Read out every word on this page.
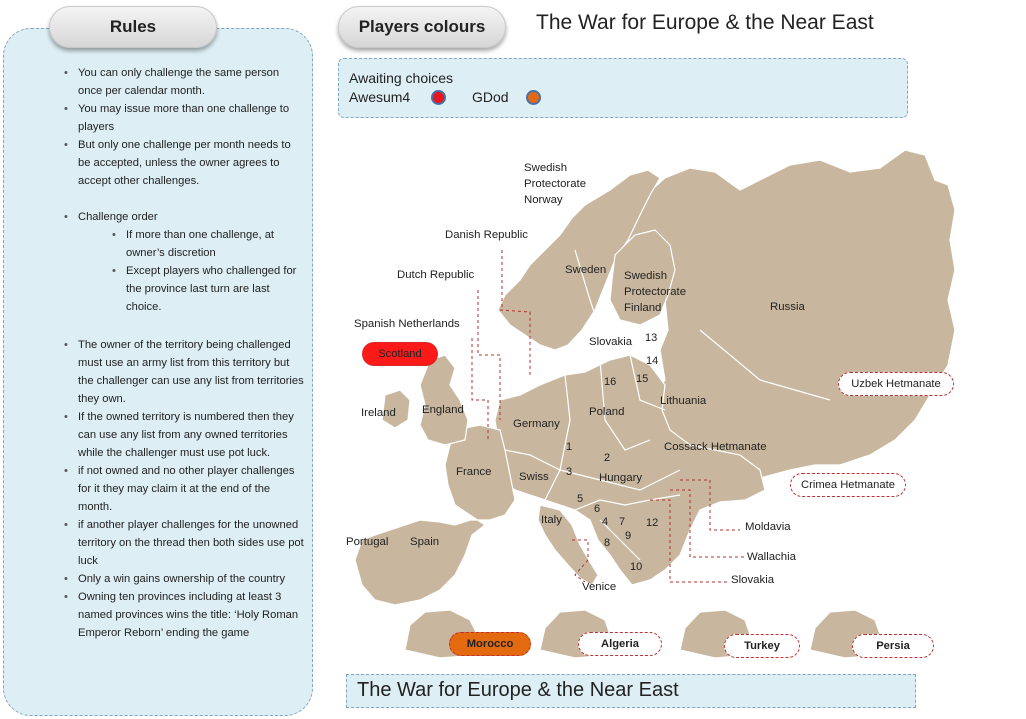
Rules
• You can only challenge the same person once per calendar month.
• You may issue more than one challenge to players
• But only one challenge per month needs to be accepted, unless the owner agrees to accept other challenges.
• Challenge order
• If more than one challenge, at owner’s discretion
• Except players who challenged for the province last turn are last choice.
• The owner of the territory being challenged must use an army list from this territory but the challenger can use any list from territories they own.
• If the owned territory is numbered then they can use any list from any owned territories while the challenger must use pot luck.
• if not owned and no other player challenges for it they may claim it at the end of the month.
• if another player challenges for the unowned territory on the thread then both sides use pot luck
• Only a win gains ownership of the country
• Owning ten provinces including at least 3 named provinces wins the title: ‘Holy Roman Emperor Reborn’ ending the game
Players colours	The War for Europe & the Near East
Awaiting choices
Awesum4	GDod
Swedish Protectorate Norway
Danish Republic
Dutch Republic
Spanish Netherlands
Sweden Swedish Protectorate Finland	Russia
Slovakia
Lithuania
Poland
Germany
Ireland England
France Swiss	Hungary
Cossack Hetmanate
Italy
Portugal Spain
Moldavia
Wallachia
Slovakia
Venice
1
2
3
4
5
6
7
8
9
10
12
13
14
15
16
Scotland
Uzbek Hetmanate
Crimea Hetmanate
Morocco	Algeria	Turkey	Persia
The War for Europe & the Near East
